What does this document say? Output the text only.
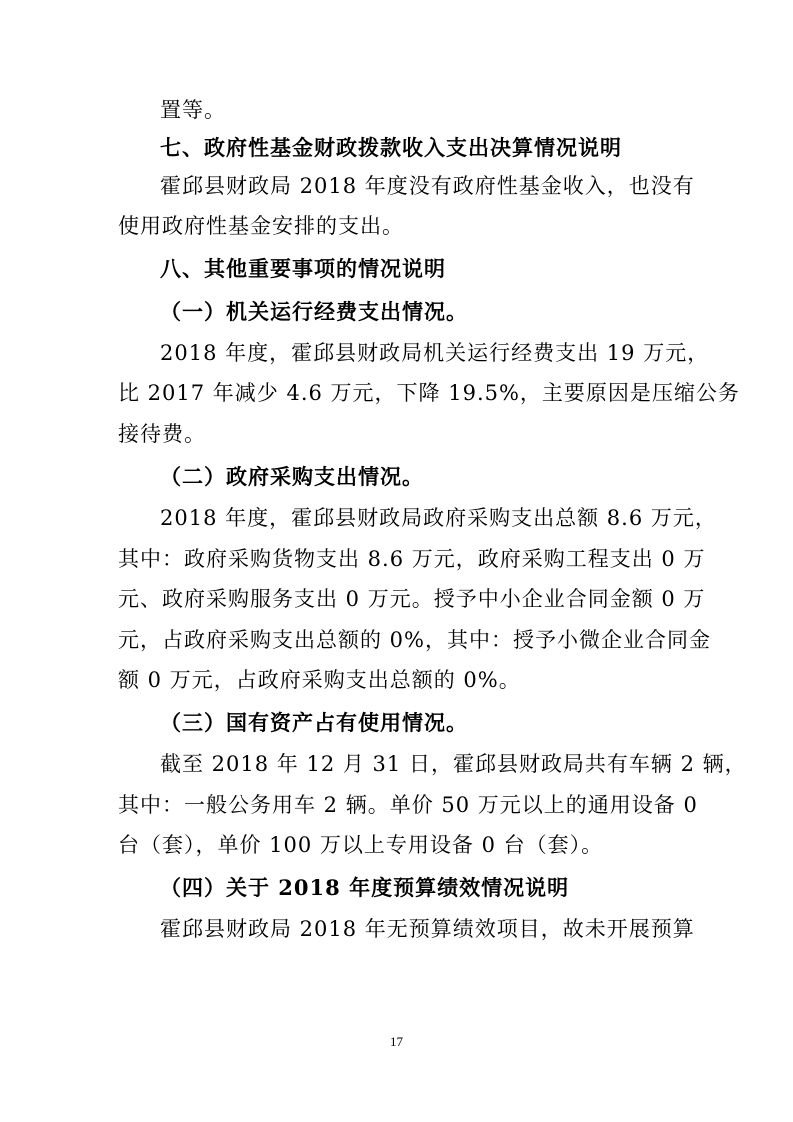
置等。
七、政府性基金财政拨款收入支出决算情况说明
霍邱县财政局 2018 年度没有政府性基金收入，也没有
使用政府性基金安排的支出。
八、其他重要事项的情况说明
（一）机关运行经费支出情况。
2018 年度，霍邱县财政局机关运行经费支出 19 万元，
比 2017 年减少 4.6 万元，下降 19.5%，主要原因是压缩公务
接待费。
（二）政府采购支出情况。
2018 年度，霍邱县财政局政府采购支出总额 8.6 万元，
其中：政府采购货物支出 8.6 万元，政府采购工程支出 0 万
元、政府采购服务支出 0 万元。授予中小企业合同金额 0 万
元，占政府采购支出总额的 0%，其中：授予小微企业合同金
额 0 万元，占政府采购支出总额的 0%。
（三）国有资产占有使用情况。
截至 2018 年 12 月 31 日，霍邱县财政局共有车辆 2 辆，
其中：一般公务用车 2 辆。单价 50 万元以上的通用设备 0
台（套），单价 100 万以上专用设备 0 台（套）。
（四）关于 2018 年度预算绩效情况说明
霍邱县财政局 2018 年无预算绩效项目，故未开展预算
17
